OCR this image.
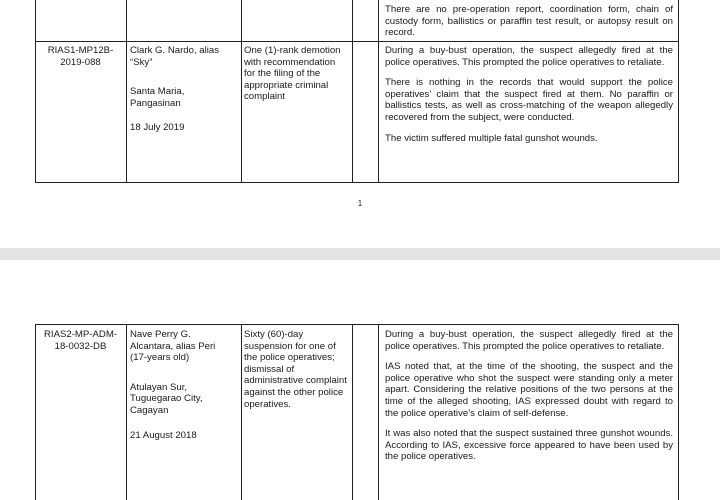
There are no pre-operation report, coordination form, chain of custody form, ballistics or paraffin test result, or autopsy result on record.

RIAS1-MP12B-2019-088

Clark G. Nardo, alias “Sky”

Santa Maria, Pangasinan

18 July 2019

One (1)-rank demotion with recommendation for the filing of the appropriate criminal complaint

During a buy-bust operation, the suspect allegedly fired at the police operatives. This prompted the police operatives to retaliate.

There is nothing in the records that would support the police operatives’ claim that the suspect fired at them. No paraffin or ballistics tests, as well as cross-matching of the weapon allegedly recovered from the subject, were conducted.

The victim suffered multiple fatal gunshot wounds.

1

RIAS2-MP-ADM-18-0032-DB

Nave Perry G. Alcantara, alias Peri (17-years old)

Atulayan Sur, Tuguegarao City, Cagayan

21 August 2018

Sixty (60)-day suspension for one of the police operatives; dismissal of administrative complaint against the other police operatives.

During a buy-bust operation, the suspect allegedly fired at the police operatives. This prompted the police operatives to retaliate.

IAS noted that, at the time of the shooting, the suspect and the police operative who shot the suspect were standing only a meter apart. Considering the relative positions of the two persons at the time of the alleged shooting, IAS expressed doubt with regard to the police operative’s claim of self-defense.

It was also noted that the suspect sustained three gunshot wounds. According to IAS, excessive force appeared to have been used by the police operatives.
